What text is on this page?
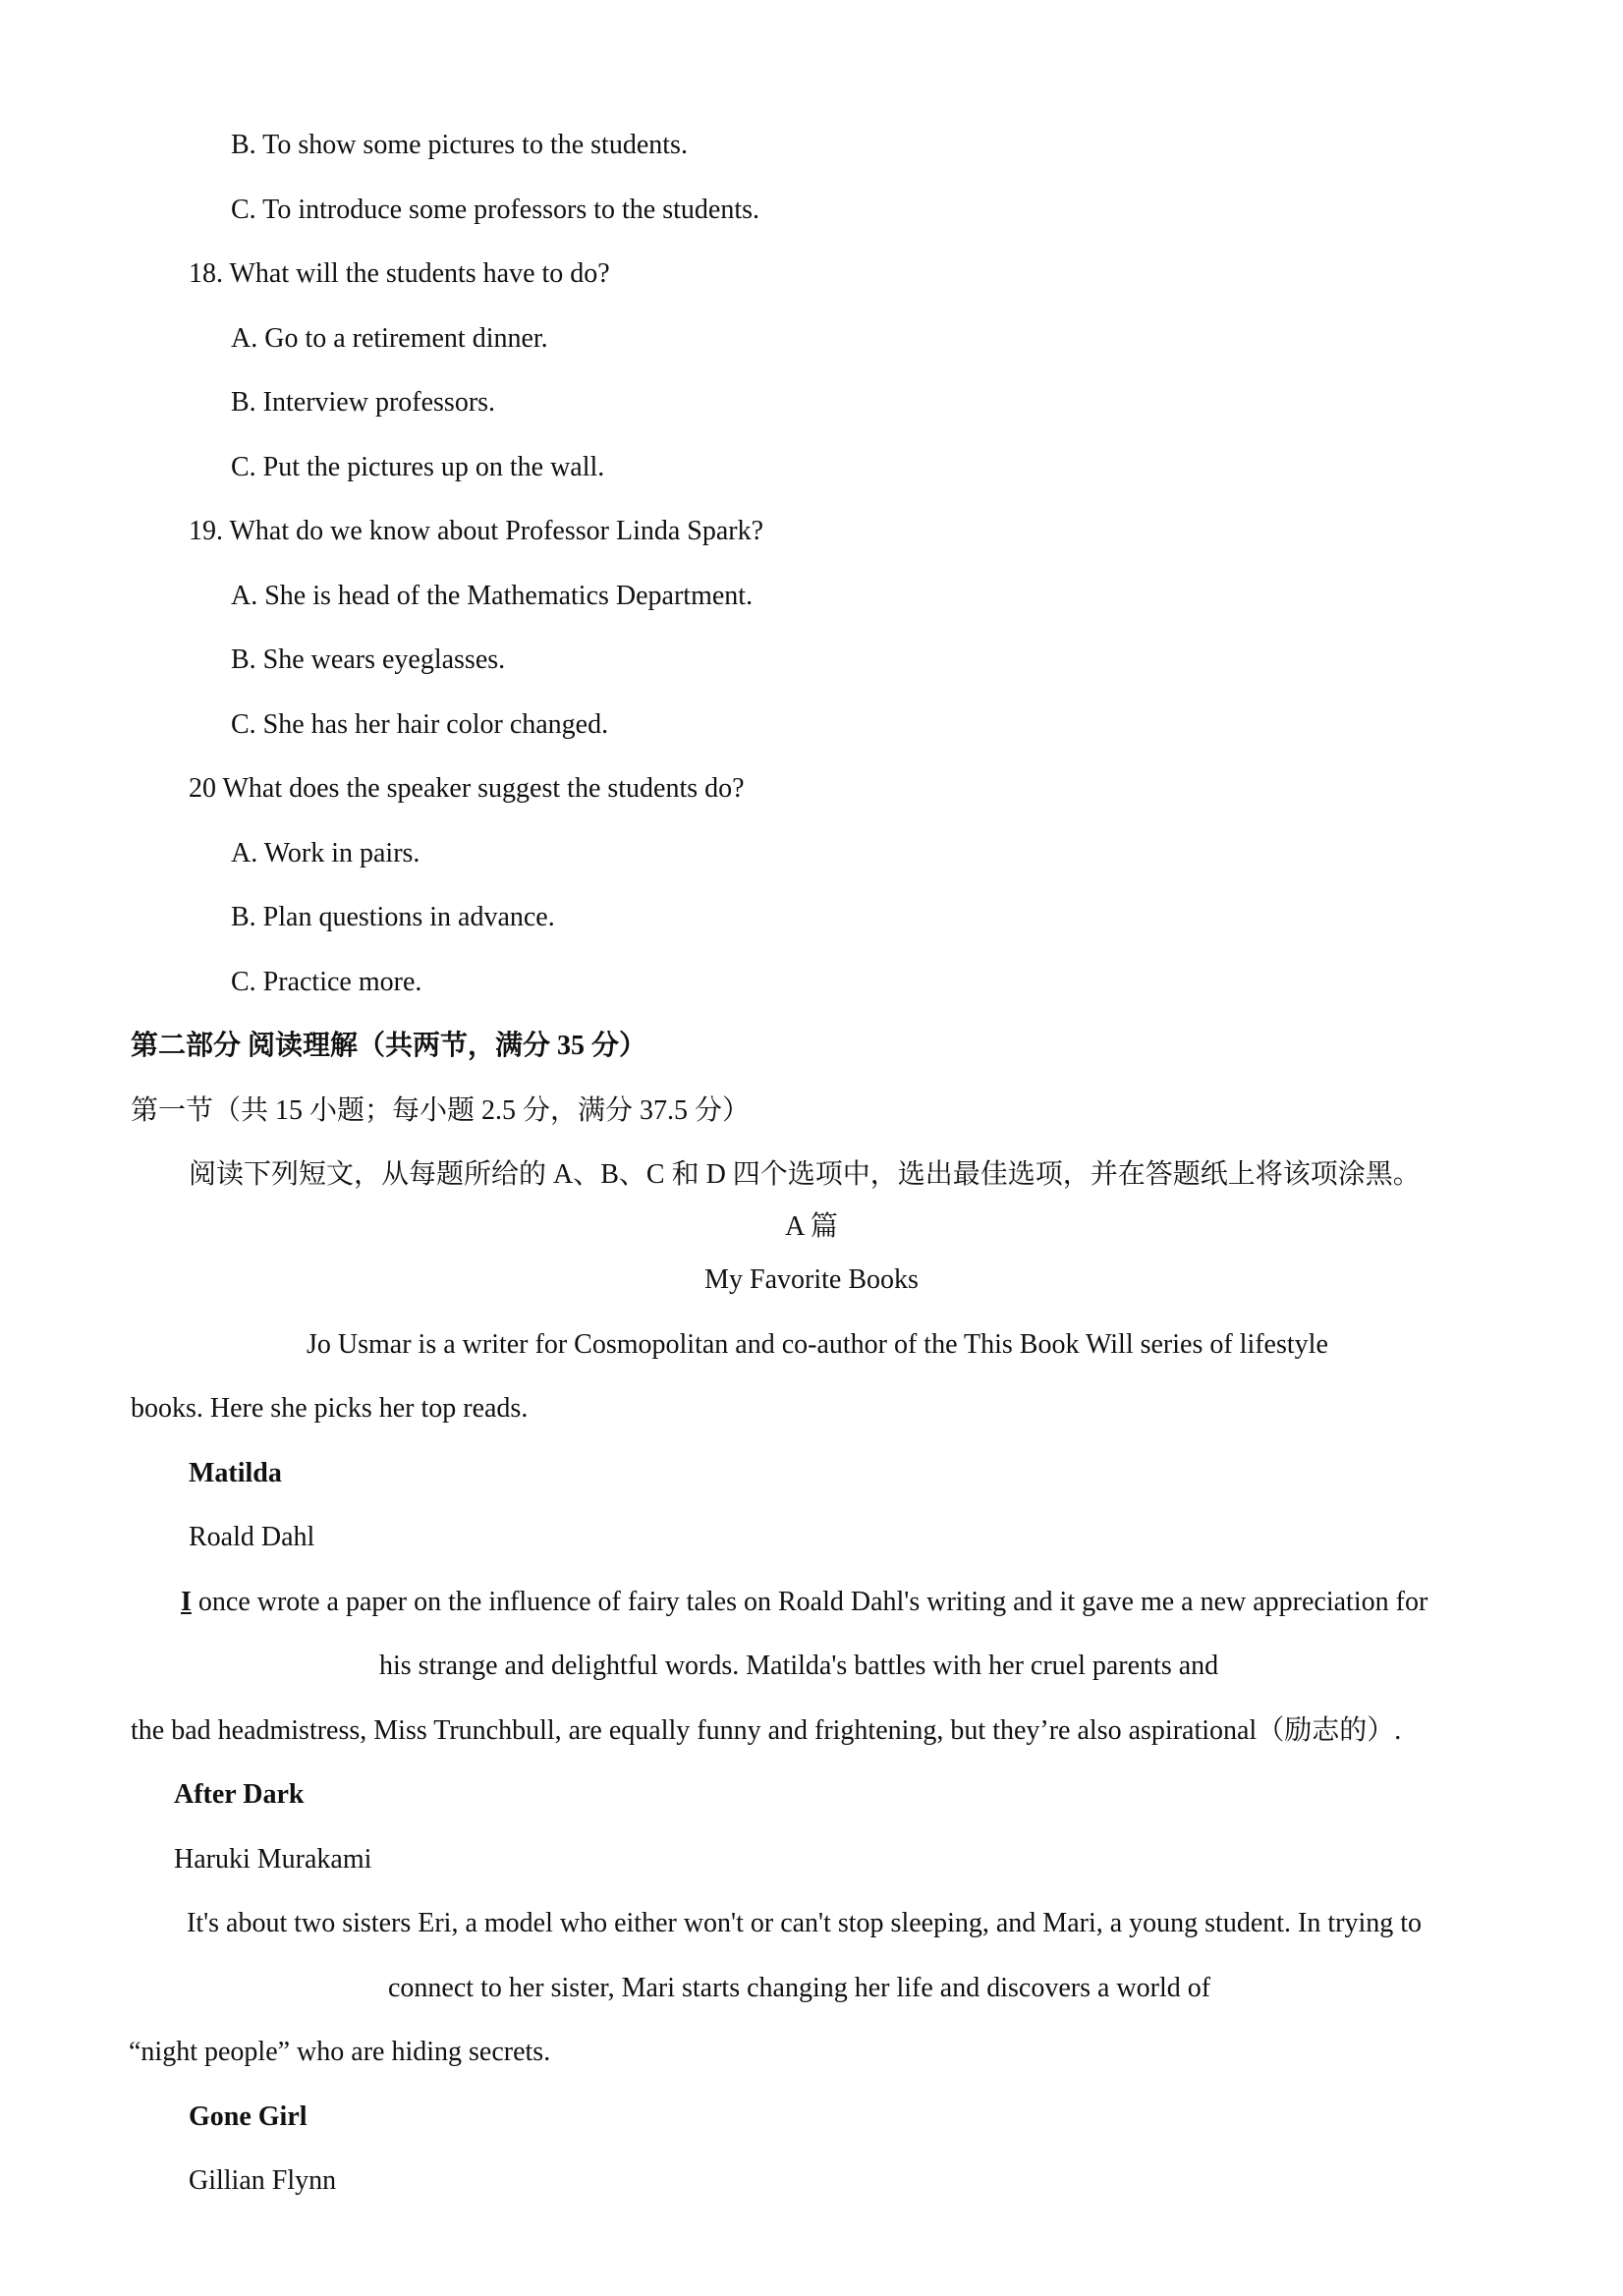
B. To show some pictures to the students.
C. To introduce some professors to the students.
18. What will the students have to do?
A. Go to a retirement dinner.
B. Interview professors.
C. Put the pictures up on the wall.
19. What do we know about Professor Linda Spark?
A. She is head of the Mathematics Department.
B. She wears eyeglasses.
C. She has her hair color changed.
20 What does the speaker suggest the students do?
A. Work in pairs.
B. Plan questions in advance.
C. Practice more.
第二部分 阅读理解（共两节，满分 35 分）
第一节（共 15 小题；每小题 2.5 分，满分 37.5 分）
阅读下列短文，从每题所给的 A、B、C 和 D 四个选项中，选出最佳选项，并在答题纸上将该项涂黑。
A 篇
My Favorite Books
Jo Usmar is a writer for Cosmopolitan and co-author of the This Book Will series of lifestyle
books. Here she picks her top reads.
Matilda
Roald Dahl
I once wrote a paper on the influence of fairy tales on Roald Dahl's writing and it gave me a new appreciation for
his strange and delightful words. Matilda's battles with her cruel parents and
the bad headmistress, Miss Trunchbull, are equally funny and frightening, but they’re also aspirational（励志的）.
After Dark
Haruki Murakami
It's about two sisters Eri, a model who either won't or can't stop sleeping, and Mari, a young student. In trying to
connect to her sister, Mari starts changing her life and discovers a world of
“night people” who are hiding secrets.
Gone Girl
Gillian Flynn
